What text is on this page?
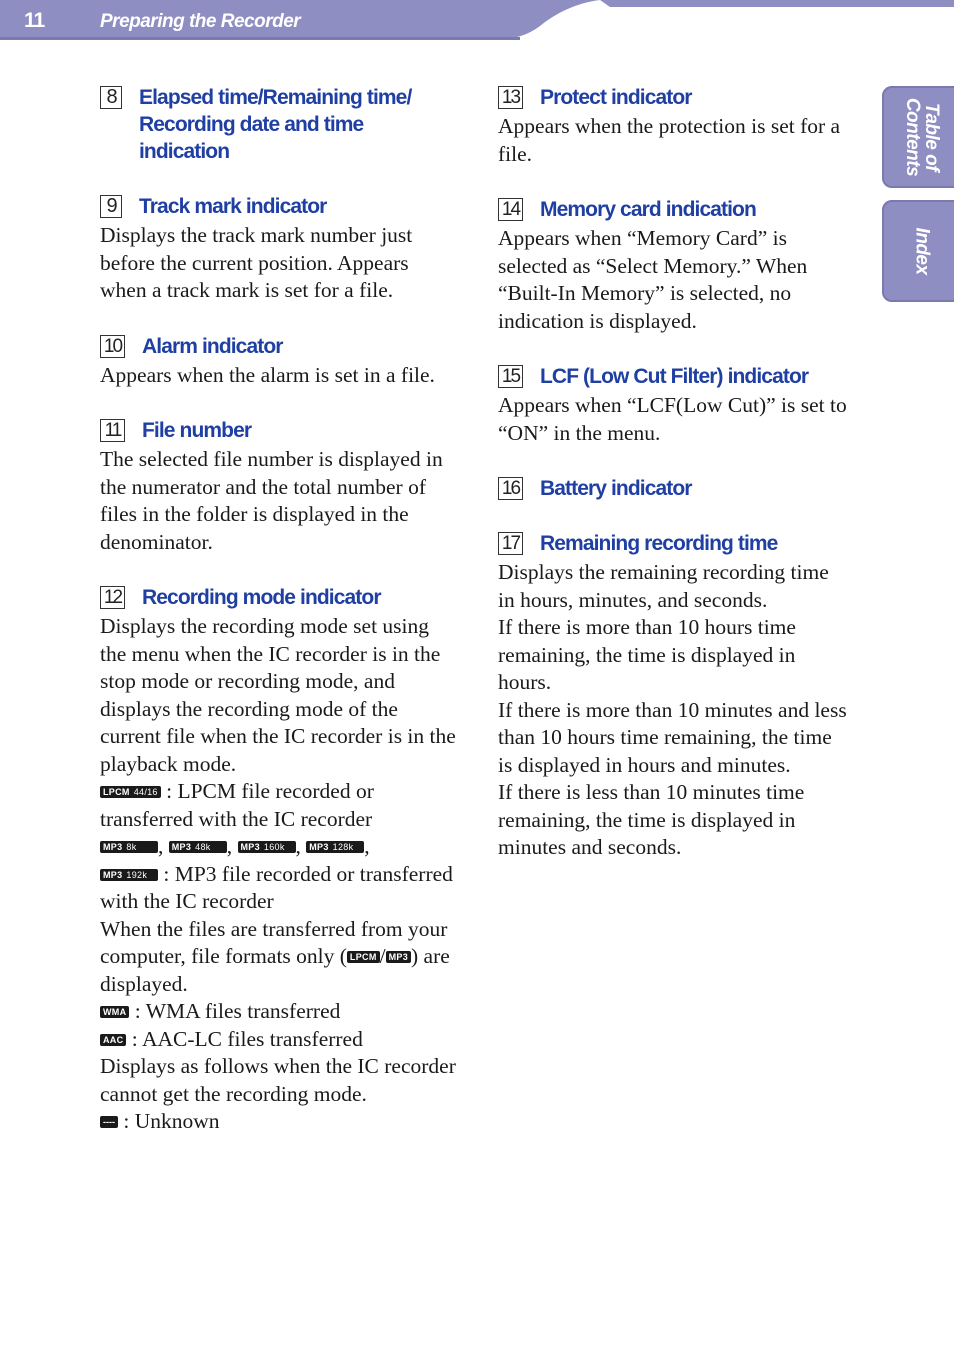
11	Preparing the Recorder
Table of
Contents
Index
8	Elapsed time/Remaining time/
Recording date and time
indication
9	Track mark indicator
Displays the track mark number just before the current position. Appears when a track mark is set for a file.
10 Alarm indicator
Appears when the alarm is set in a file.
11 File number
The selected file number is displayed in the numerator and the total number of files in the folder is displayed in the denominator.
12 Recording mode indicator

Displays the recording mode set using the menu when the IC recorder is in the stop mode or recording mode, and displays the recording mode of the current file when the IC recorder is in the playback mode.

LPCM 44/16 : LPCM file recorded or transferred with the IC recorder

MP3 8k , MP3 48k , MP3 160k , MP3 128k ,

MP3 192k : MP3 file recorded or transferred with the IC recorder

When the files are transferred from your computer, file formats only ( LPCM / MP3 ) are displayed.

WMA : WMA files transferred

AAC : AAC-LC files transferred

Displays as follows when the IC recorder cannot get the recording mode.

---- : Unknown

13 Protect indicator
Appears when the protection is set for a file.
14 Memory card indication
Appears when “Memory Card” is selected as “Select Memory.” When “Built-In Memory” is selected, no indication is displayed.
15 LCF (Low Cut Filter) indicator
Appears when “LCF(Low Cut)” is set to “ON” in the menu.
16 Battery indicator
17 Remaining recording time

Displays the remaining recording time in hours, minutes, and seconds.

If there is more than 10 hours time remaining, the time is displayed in hours.

If there is more than 10 minutes and less than 10 hours time remaining, the time is displayed in hours and minutes.

If there is less than 10 minutes time remaining, the time is displayed in minutes and seconds.
